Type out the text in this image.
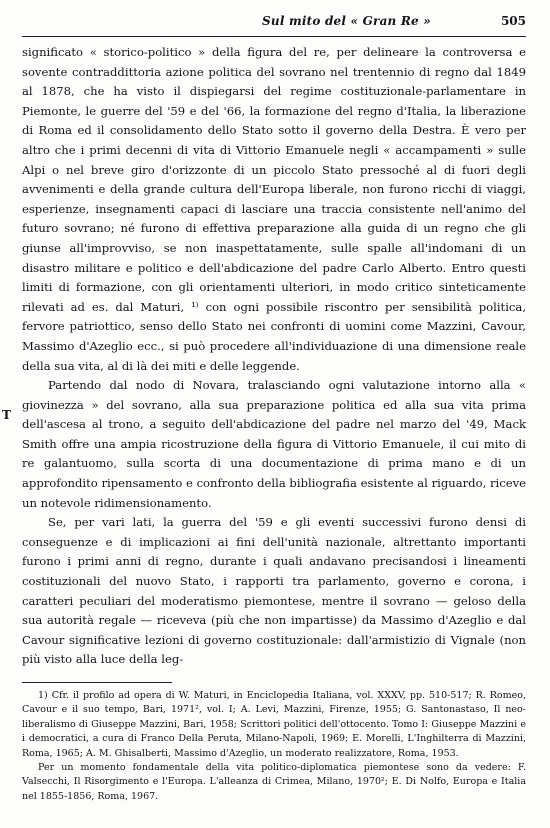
Sul mito del « Gran Re »	505
T

significato « storico-politico » della figura del re, per delineare la controversa e sovente contraddittoria azione politica del sovrano nel trentennio di regno dal 1849 al 1878, che ha visto il dispiegarsi del regime costituzionale-parlamentare in Piemonte, le guerre del '59 e del '66, la formazione del regno d'Italia, la liberazione di Roma ed il consolidamento dello Stato sotto il governo della Destra. È vero per altro che i primi decenni di vita di Vittorio Emanuele negli « accampamenti » sulle Alpi o nel breve giro d'orizzonte di un piccolo Stato pressoché al di fuori degli avvenimenti e della grande cultura dell'Europa liberale, non furono ricchi di viaggi, esperienze, insegnamenti capaci di lasciare una traccia consistente nell'animo del futuro sovrano; né furono di effettiva preparazione alla guida di un regno che gli giunse all'improvviso, se non inaspettatamente, sulle spalle all'indomani di un disastro militare e politico e dell'abdicazione del padre Carlo Alberto. Entro questi limiti di formazione, con gli orientamenti ulteriori, in modo critico sinteticamente rilevati ad es. dal Maturi, ¹⁾ con ogni possibile riscontro per sensibilità politica, fervore patriottico, senso dello Stato nei confronti di uomini come Mazzini, Cavour, Massimo d'Azeglio ecc., si può procedere all'individuazione di una dimensione reale della sua vita, al di là dei miti e delle leggende.

Partendo dal nodo di Novara, tralasciando ogni valutazione intorno alla « giovinezza » del sovrano, alla sua preparazione politica ed alla sua vita prima dell'ascesa al trono, a seguito dell'abdicazione del padre nel marzo del '49, Mack Smith offre una ampia ricostruzione della figura di Vittorio Emanuele, il cui mito di re galantuomo, sulla scorta di una documentazione di prima mano e di un approfondito ripensamento e confronto della bibliografia esistente al riguardo, riceve un notevole ridimensionamento.

Se, per vari lati, la guerra del '59 e gli eventi successivi furono densi di conseguenze e di implicazioni ai fini dell'unità nazionale, altrettanto importanti furono i primi anni di regno, durante i quali andavano precisandosi i lineamenti costituzionali del nuovo Stato, i rapporti tra parlamento, governo e corona, i caratteri peculiari del moderatismo piemontese, mentre il sovrano — geloso della sua autorità regale — riceveva (più che non impartisse) da Massimo d'Azeglio e dal Cavour significative lezioni di governo costituzionale: dall'armistizio di Vignale (non più visto alla luce della leg-

1) Cfr. il profilo ad opera di W. Maturi, in Enciclopedia Italiana, vol. XXXV, pp. 510-517; R. Romeo, Cavour e il suo tempo, Bari, 1971², vol. I; A. Levi, Mazzini, Firenze, 1955; G. Santonastaso, Il neo-liberalismo di Giuseppe Mazzini, Bari, 1958; Scrittori politici dell'ottocento. Tomo I: Giuseppe Mazzini e i democratici, a cura di Franco Della Peruta, Milano-Napoli, 1969; E. Morelli, L'Inghilterra di Mazzini, Roma, 1965; A. M. Ghisalberti, Massimo d'Azeglio, un moderato realizzatore, Roma, 1953.

Per un momento fondamentale della vita politico-diplomatica piemontese sono da vedere: F. Valsecchi, Il Risorgimento e l'Europa. L'alleanza di Crimea, Milano, 1970²; E. Di Nolfo, Europa e Italia nel 1855-1856, Roma, 1967.
